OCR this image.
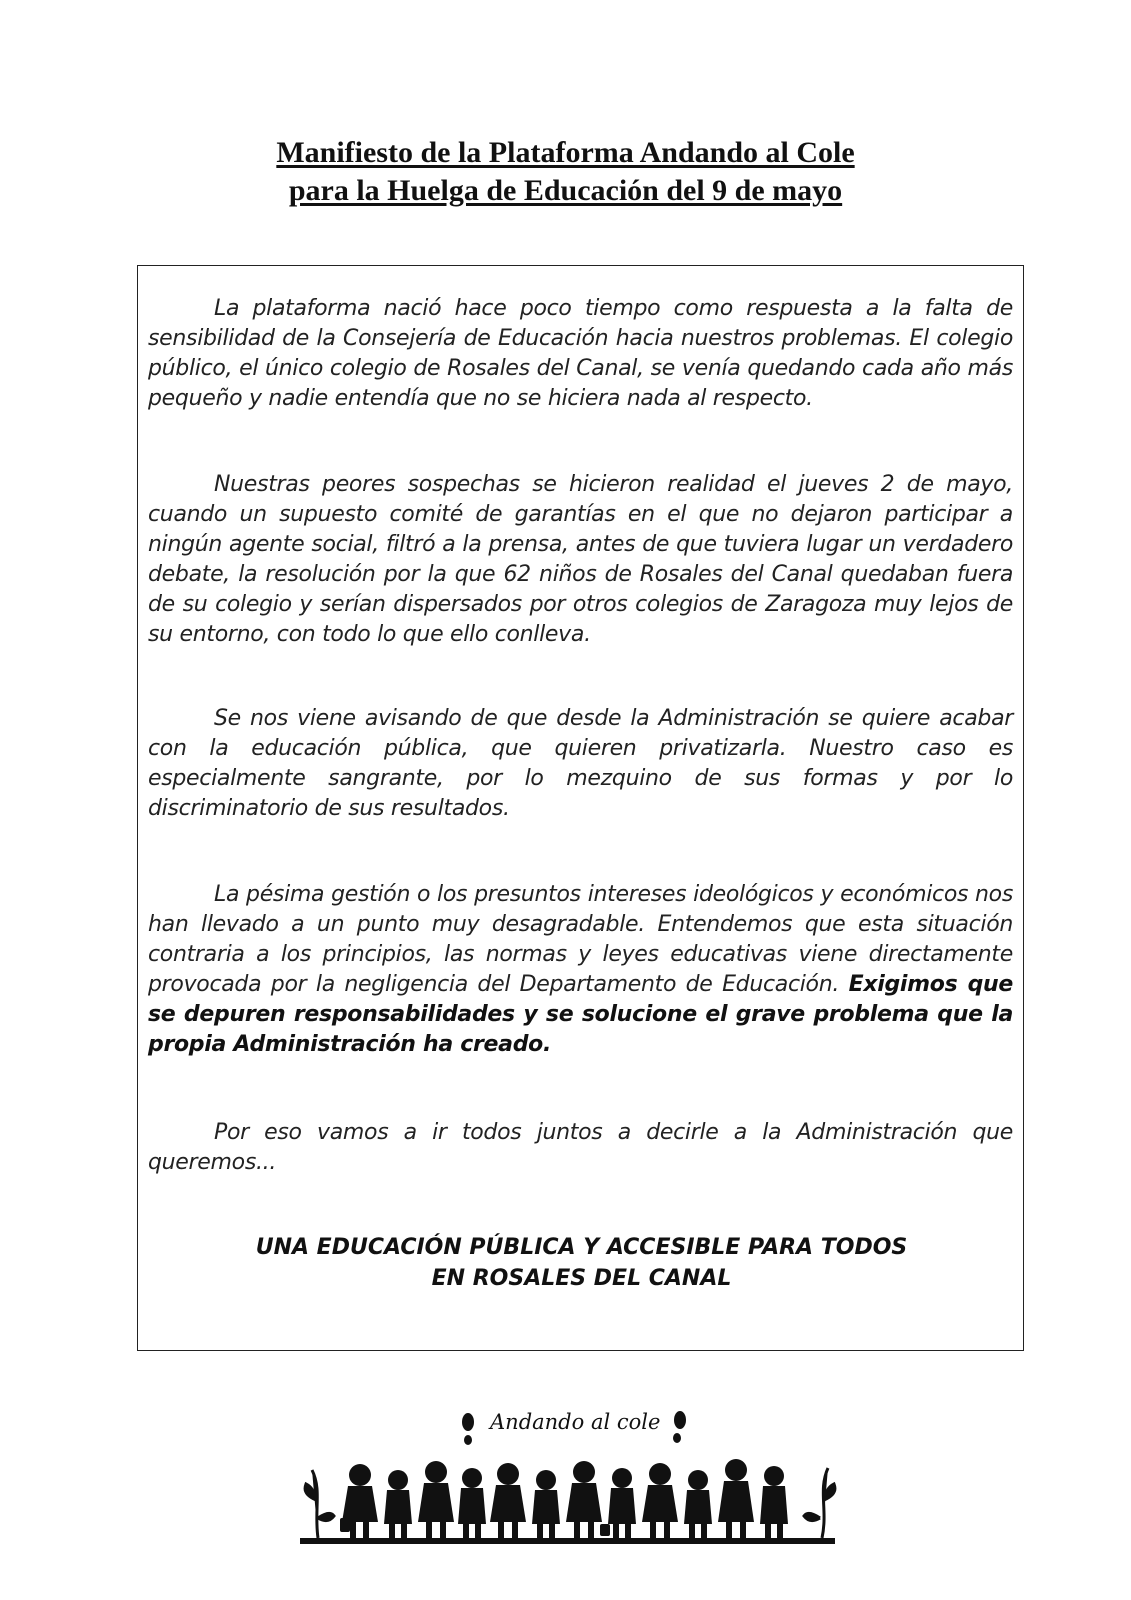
Manifiesto de la Plataforma Andando al Cole
para la Huelga de Educación del 9 de mayo

La plataforma nació hace poco tiempo como respuesta a la falta de sensibilidad de la Consejería de Educación hacia nuestros problemas. El colegio público, el único colegio de Rosales del Canal, se venía quedando cada año más pequeño y nadie entendía que no se hiciera nada al respecto.

Nuestras peores sospechas se hicieron realidad el jueves 2 de mayo, cuando un supuesto comité de garantías en el que no dejaron participar a ningún agente social, filtró a la prensa, antes de que tuviera lugar un verdadero debate, la resolución por la que 62 niños de Rosales del Canal quedaban fuera de su colegio y serían dispersados por otros colegios de Zaragoza muy lejos de su entorno, con todo lo que ello conlleva.

Se nos viene avisando de que desde la Administración se quiere acabar con la educación pública, que quieren privatizarla. Nuestro caso es especialmente sangrante, por lo mezquino de sus formas y por lo discriminatorio de sus resultados.

La pésima gestión o los presuntos intereses ideológicos y económicos nos han llevado a un punto muy desagradable. Entendemos que esta situación contraria a los principios, las normas y leyes educativas viene directamente provocada por la negligencia del Departamento de Educación. Exigimos que se depuren responsabilidades y se solucione el grave problema que la propia Administración ha creado.

Por eso vamos a ir todos juntos a decirle a la Administración que queremos...

UNA EDUCACIÓN PÚBLICA Y ACCESIBLE PARA TODOS
EN ROSALES DEL CANAL
Andando al cole
